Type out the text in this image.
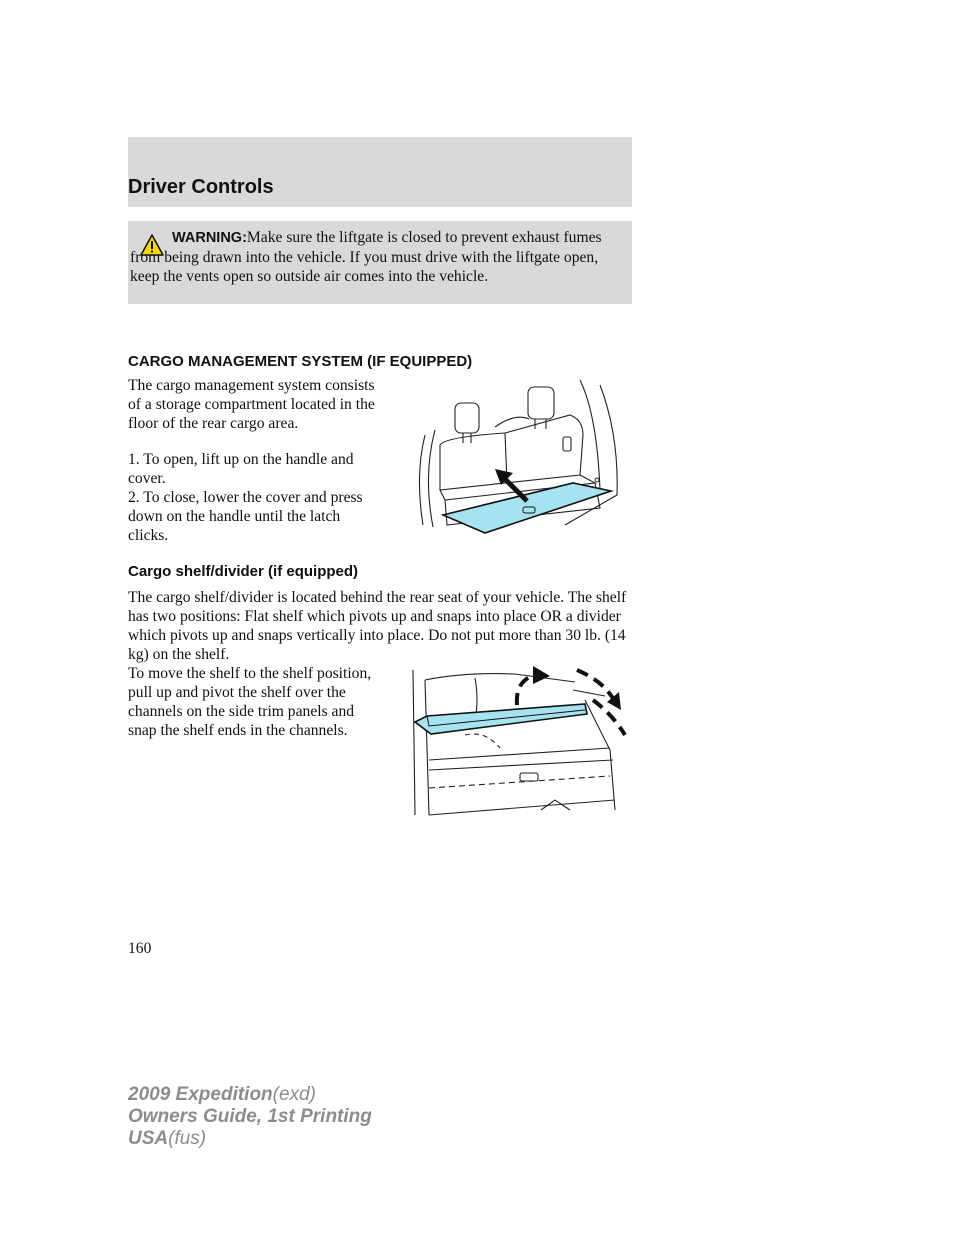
Driver Controls
WARNING:Make sure the liftgate is closed to prevent exhaust fumes from being drawn into the vehicle. If you must drive with the liftgate open, keep the vents open so outside air comes into the vehicle.
CARGO MANAGEMENT SYSTEM (IF EQUIPPED)

The cargo management system consists of a storage compartment located in the floor of the rear cargo area.

1. To open, lift up on the handle and cover.

2. To close, lower the cover and press down on the handle until the latch clicks.

Cargo shelf/divider (if equipped)

The cargo shelf/divider is located behind the rear seat of your vehicle. The shelf has two positions: Flat shelf which pivots up and snaps into place OR a divider which pivots up and snaps vertically into place. Do not put more than 30 lb. (14 kg) on the shelf.

To move the shelf to the shelf position, pull up and pivot the shelf over the channels on the side trim panels and snap the shelf ends in the channels.

160
2009 Expedition(exd)
Owners Guide, 1st Printing
USA(fus)
